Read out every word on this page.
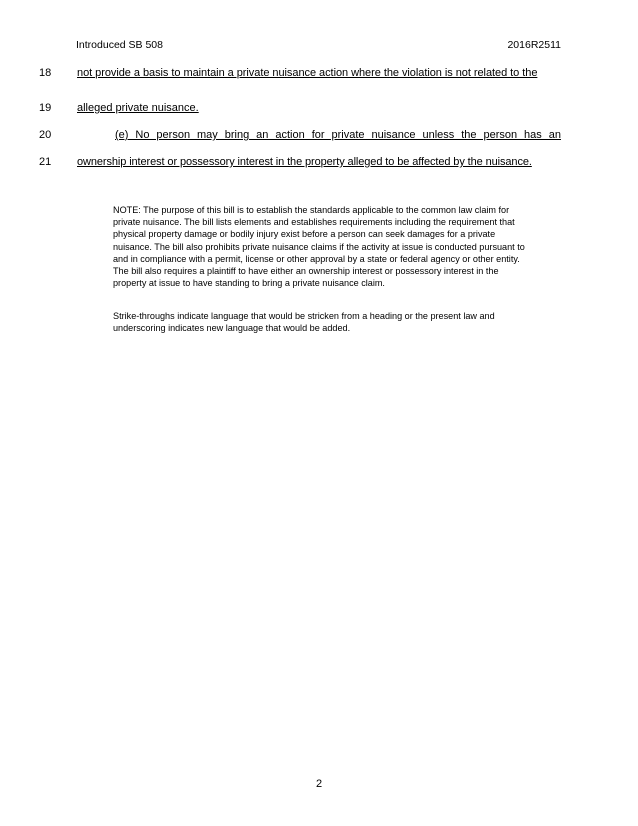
Introduced SB 508	2016R2511
18	not provide a basis to maintain a private nuisance action where the violation is not related to the
19	alleged private nuisance.
20	(e) No person may bring an action for private nuisance unless the person has an
21	ownership interest or possessory interest in the property alleged to be affected by the nuisance.
NOTE: The purpose of this bill is to establish the standards applicable to the common law claim for private nuisance. The bill lists elements and establishes requirements including the requirement that physical property damage or bodily injury exist before a person can seek damages for a private nuisance. The bill also prohibits private nuisance claims if the activity at issue is conducted pursuant to and in compliance with a permit, license or other approval by a state or federal agency or other entity. The bill also requires a plaintiff to have either an ownership interest or possessory interest in the property at issue to have standing to bring a private nuisance claim.
Strike-throughs indicate language that would be stricken from a heading or the present law and underscoring indicates new language that would be added.
2
